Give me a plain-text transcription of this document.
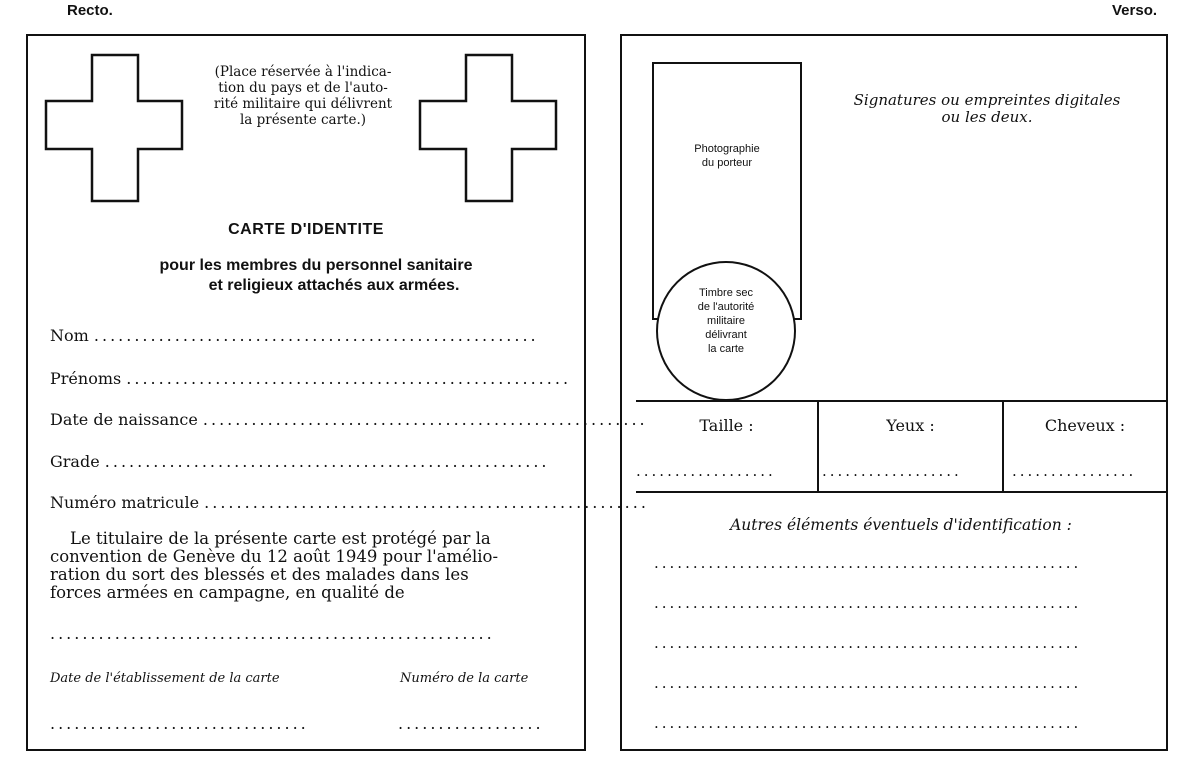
Recto.	Verso.
(Place réservée à l'indica-
tion du pays et de l'auto-
rité militaire qui délivrent
la présente carte.)
CARTE D'IDENTITE
pour les membres du personnel sanitaire
et religieux attachés aux armées.
Nom .......................................................
Prénoms .......................................................
Date de naissance .......................................................
Grade .......................................................
Numéro matricule .......................................................
Le titulaire de la présente carte est protégé par la
convention de Genève du 12 août 1949 pour l'amélio-
ration du sort des blessés et des malades dans les
forces armées en campagne, en qualité de
.......................................................
Date de l'établissement de la carte	Numéro de la carte
................................	..................
Photographie
du porteur
Timbre sec
de l'autorité
militaire
délivrant
la carte
Signatures ou empreintes digitales
ou les deux.
Taille :	Yeux :	Cheveux :
..................	..................	................
Autres éléments éventuels d'identification :
.......................................................
.......................................................
.......................................................
.......................................................
.......................................................
